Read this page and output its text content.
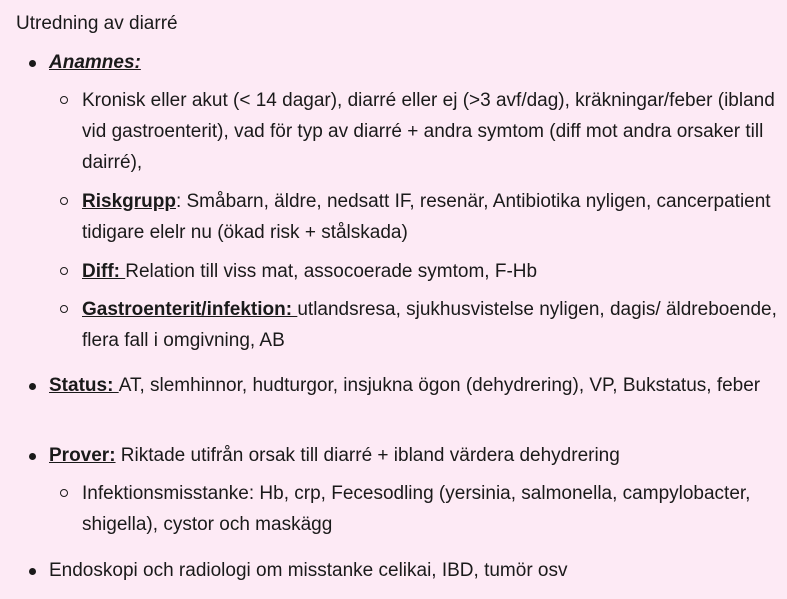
Utredning av diarré

Anamnes:

Kronisk eller akut (< 14 dagar), diarré eller ej (>3 avf/dag), kräkningar/feber (ibland vid gastroenterit), vad för typ av diarré + andra symtom (diff mot andra orsaker till dairré),

Riskgrupp: Småbarn, äldre, nedsatt IF, resenär, Antibiotika nyligen, cancerpatient tidigare elelr nu (ökad risk + stålskada)

Diff: Relation till viss mat, assocoerade symtom, F-Hb

Gastroenterit/infektion: utlandsresa, sjukhusvistelse nyligen, dagis/ äldreboende, flera fall i omgivning, AB

Status: AT, slemhinnor, hudturgor, insjukna ögon (dehydrering), VP, Bukstatus, feber

Prover: Riktade utifrån orsak till diarré + ibland värdera dehydrering

Infektionsmisstanke: Hb, crp, Fecesodling (yersinia, salmonella, campylobacter, shigella), cystor och maskägg

Endoskopi och radiologi om misstanke celikai, IBD, tumör osv
